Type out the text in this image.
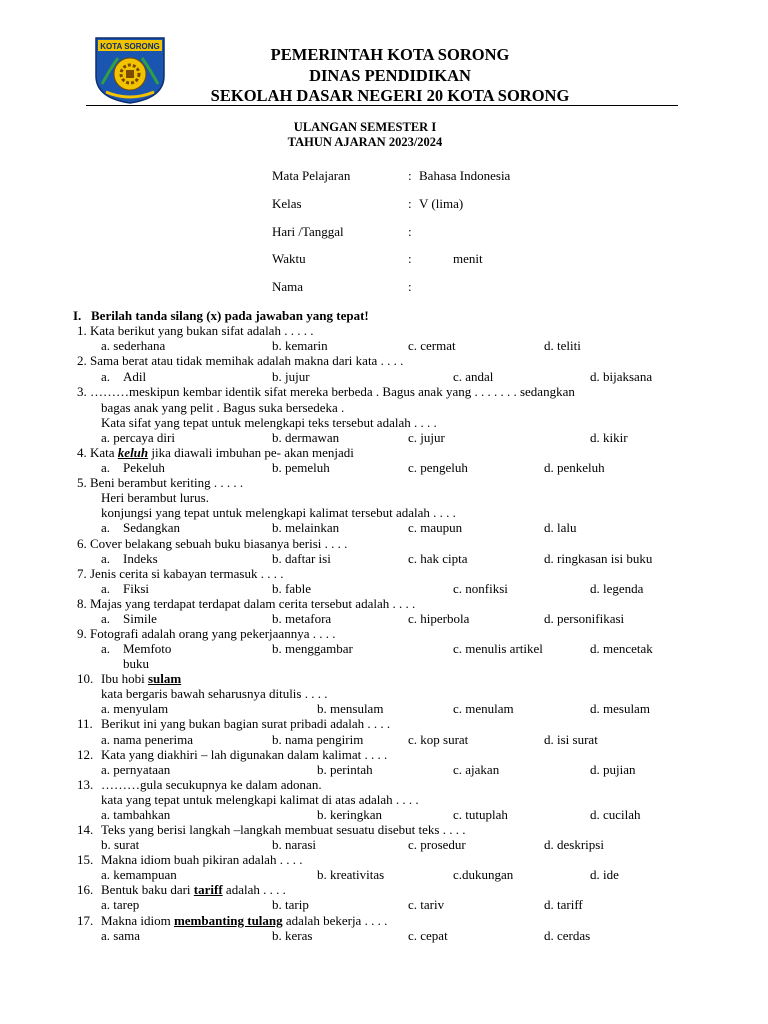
KOTA SORONG	PEMERINTAH KOTA SORONG
DINAS PENDIDIKAN
SEKOLAH DASAR NEGERI 20 KOTA SORONG
ULANGAN SEMESTER I
TAHUN AJARAN 2023/2024
Mata Pelajaran	: Bahasa Indonesia
Kelas	: V (lima)
Hari /Tanggal	:
Waktu	:	menit
Nama	:
I. Berilah tanda silang (x) pada jawaban yang tepat!
1. Kata berikut yang bukan sifat adalah . . . . .
a. sederhana	b. kemarin	c. cermat	d. teliti
2. Sama berat atau tidak memihak adalah makna dari kata . . . .
a. Adil	b. jujur	c. andal	d. bijaksana
3. ………meskipun kembar identik sifat mereka berbeda . Bagus anak yang . . . . . . . sedangkan
bagas anak yang pelit . Bagus suka bersedeka .
Kata sifat yang tepat untuk melengkapi teks tersebut adalah . . . .
a. percaya diri	b. dermawan	c. jujur	d. kikir
4. Kata keluh jika diawali imbuhan pe- akan menjadi
a. Pekeluh	b. pemeluh	c. pengeluh	d. penkeluh
5. Beni berambut keriting . . . . .
Heri berambut lurus.
konjungsi yang tepat untuk melengkapi kalimat tersebut adalah . . . .
a. Sedangkan	b. melainkan	c. maupun	d. lalu
6. Cover belakang sebuah buku biasanya berisi . . . .
a. Indeks	b. daftar isi	c. hak cipta	d. ringkasan isi buku
7. Jenis cerita si kabayan termasuk . . . .
a. Fiksi	b. fable	c. nonfiksi	d. legenda
8. Majas yang terdapat terdapat dalam cerita tersebut adalah . . . .
a. Simile	b. metafora	c. hiperbola	d. personifikasi
9. Fotografi adalah orang yang pekerjaannya . . . .
a. Memfoto	b. menggambar	c. menulis artikel	d. mencetak
buku
10. Ibu hobi sulam
kata bergaris bawah seharusnya ditulis . . . .
a. menyulam	b. mensulam	c. menulam	d. mesulam
11. Berikut ini yang bukan bagian surat pribadi adalah . . . .
a. nama penerima	b. nama pengirim	c. kop surat	d. isi surat
12. Kata yang diakhiri – lah digunakan dalam kalimat . . . .
a. pernyataan	b. perintah	c. ajakan	d. pujian
13. ………gula secukupnya ke dalam adonan.
kata yang tepat untuk melengkapi kalimat di atas adalah . . . .
a. tambahkan	b. keringkan	c. tutuplah	d. cucilah
14. Teks yang berisi langkah –langkah membuat sesuatu disebut teks . . . .
b. surat	b. narasi	c. prosedur	d. deskripsi
15. Makna idiom buah pikiran adalah . . . .
a. kemampuan	b. kreativitas	c.dukungan	d. ide
16. Bentuk baku dari tariff adalah . . . .
a. tarep	b. tarip	c. tariv	d. tariff
17. Makna idiom membanting tulang adalah bekerja . . . .
a. sama	b. keras	c. cepat	d. cerdas
